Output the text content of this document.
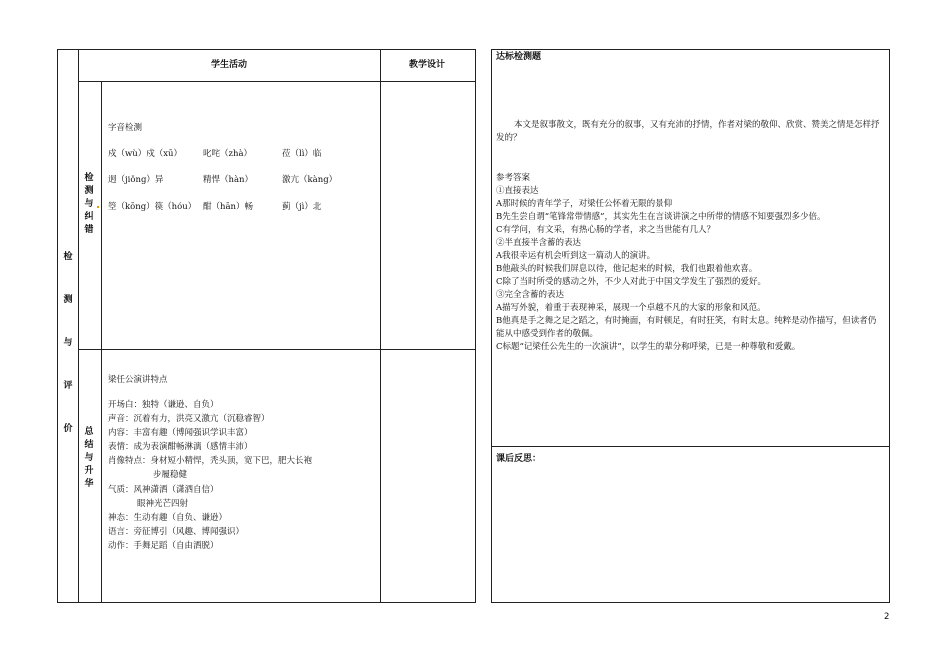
检
测
与
评
价
学生活动	教学设计
检
测
与
纠
错
字音检测
戍（wù）戍（xū） 叱咤（zhà）	莅（lì）临
迥（jiǒng）异	精悍（hàn）	激亢（kàng）
箜（kōng）篌（hóu） 酣（hān）畅	蓟（jì）北
总
结
与
升
华
梁任公演讲特点
开场白：独特（谦逊、自负）
声音：沉着有力，洪亮又激亢（沉稳睿智）
内容：丰富有趣（博闻强识学识丰富）
表情：成为表演酣畅淋漓（感情丰沛）
肖像特点：身材短小精悍，秃头顶，宽下巴，肥大长袍
步履稳健
气质：风神潇洒（潇洒自信）
眼神光芒四射
神态：生动有趣（自负、谦逊）
语言：旁征博引（风趣、博闻强识）
动作：手舞足蹈（自由洒脱）
达标检测题
本文是叙事散文，既有充分的叙事，又有充沛的抒情，作者对梁的敬仰、欣赏、赞美之情是怎样抒发的？
参考答案
①直接表达
A那时候的青年学子，对梁任公怀着无限的景仰
B先生尝自谓“笔锋常带情感”，其实先生在言谈讲演之中所带的情感不知要强烈多少倍。
C有学问，有文采，有热心肠的学者，求之当世能有几人？
②半直接半含蓄的表达
A我很幸运有机会听到这一篇动人的演讲。
B他敲头的时候我们屏息以待，他记起来的时候，我们也跟着他欢喜。
C除了当时所受的感动之外，不少人对此于中国文学发生了强烈的爱好。
③完全含蓄的表达
A描写外貌，着重于表现神采，展现一个卓越不凡的大家的形象和风范。
B他真是手之舞之足之蹈之，有时掩面，有时顿足，有时狂笑，有时太息。纯粹是动作描写，但读者仍
能从中感受到作者的敬佩。
C标题“记梁任公先生的一次演讲”，以学生的辈分称呼梁，已是一种尊敬和爱戴。
课后反思：
2
